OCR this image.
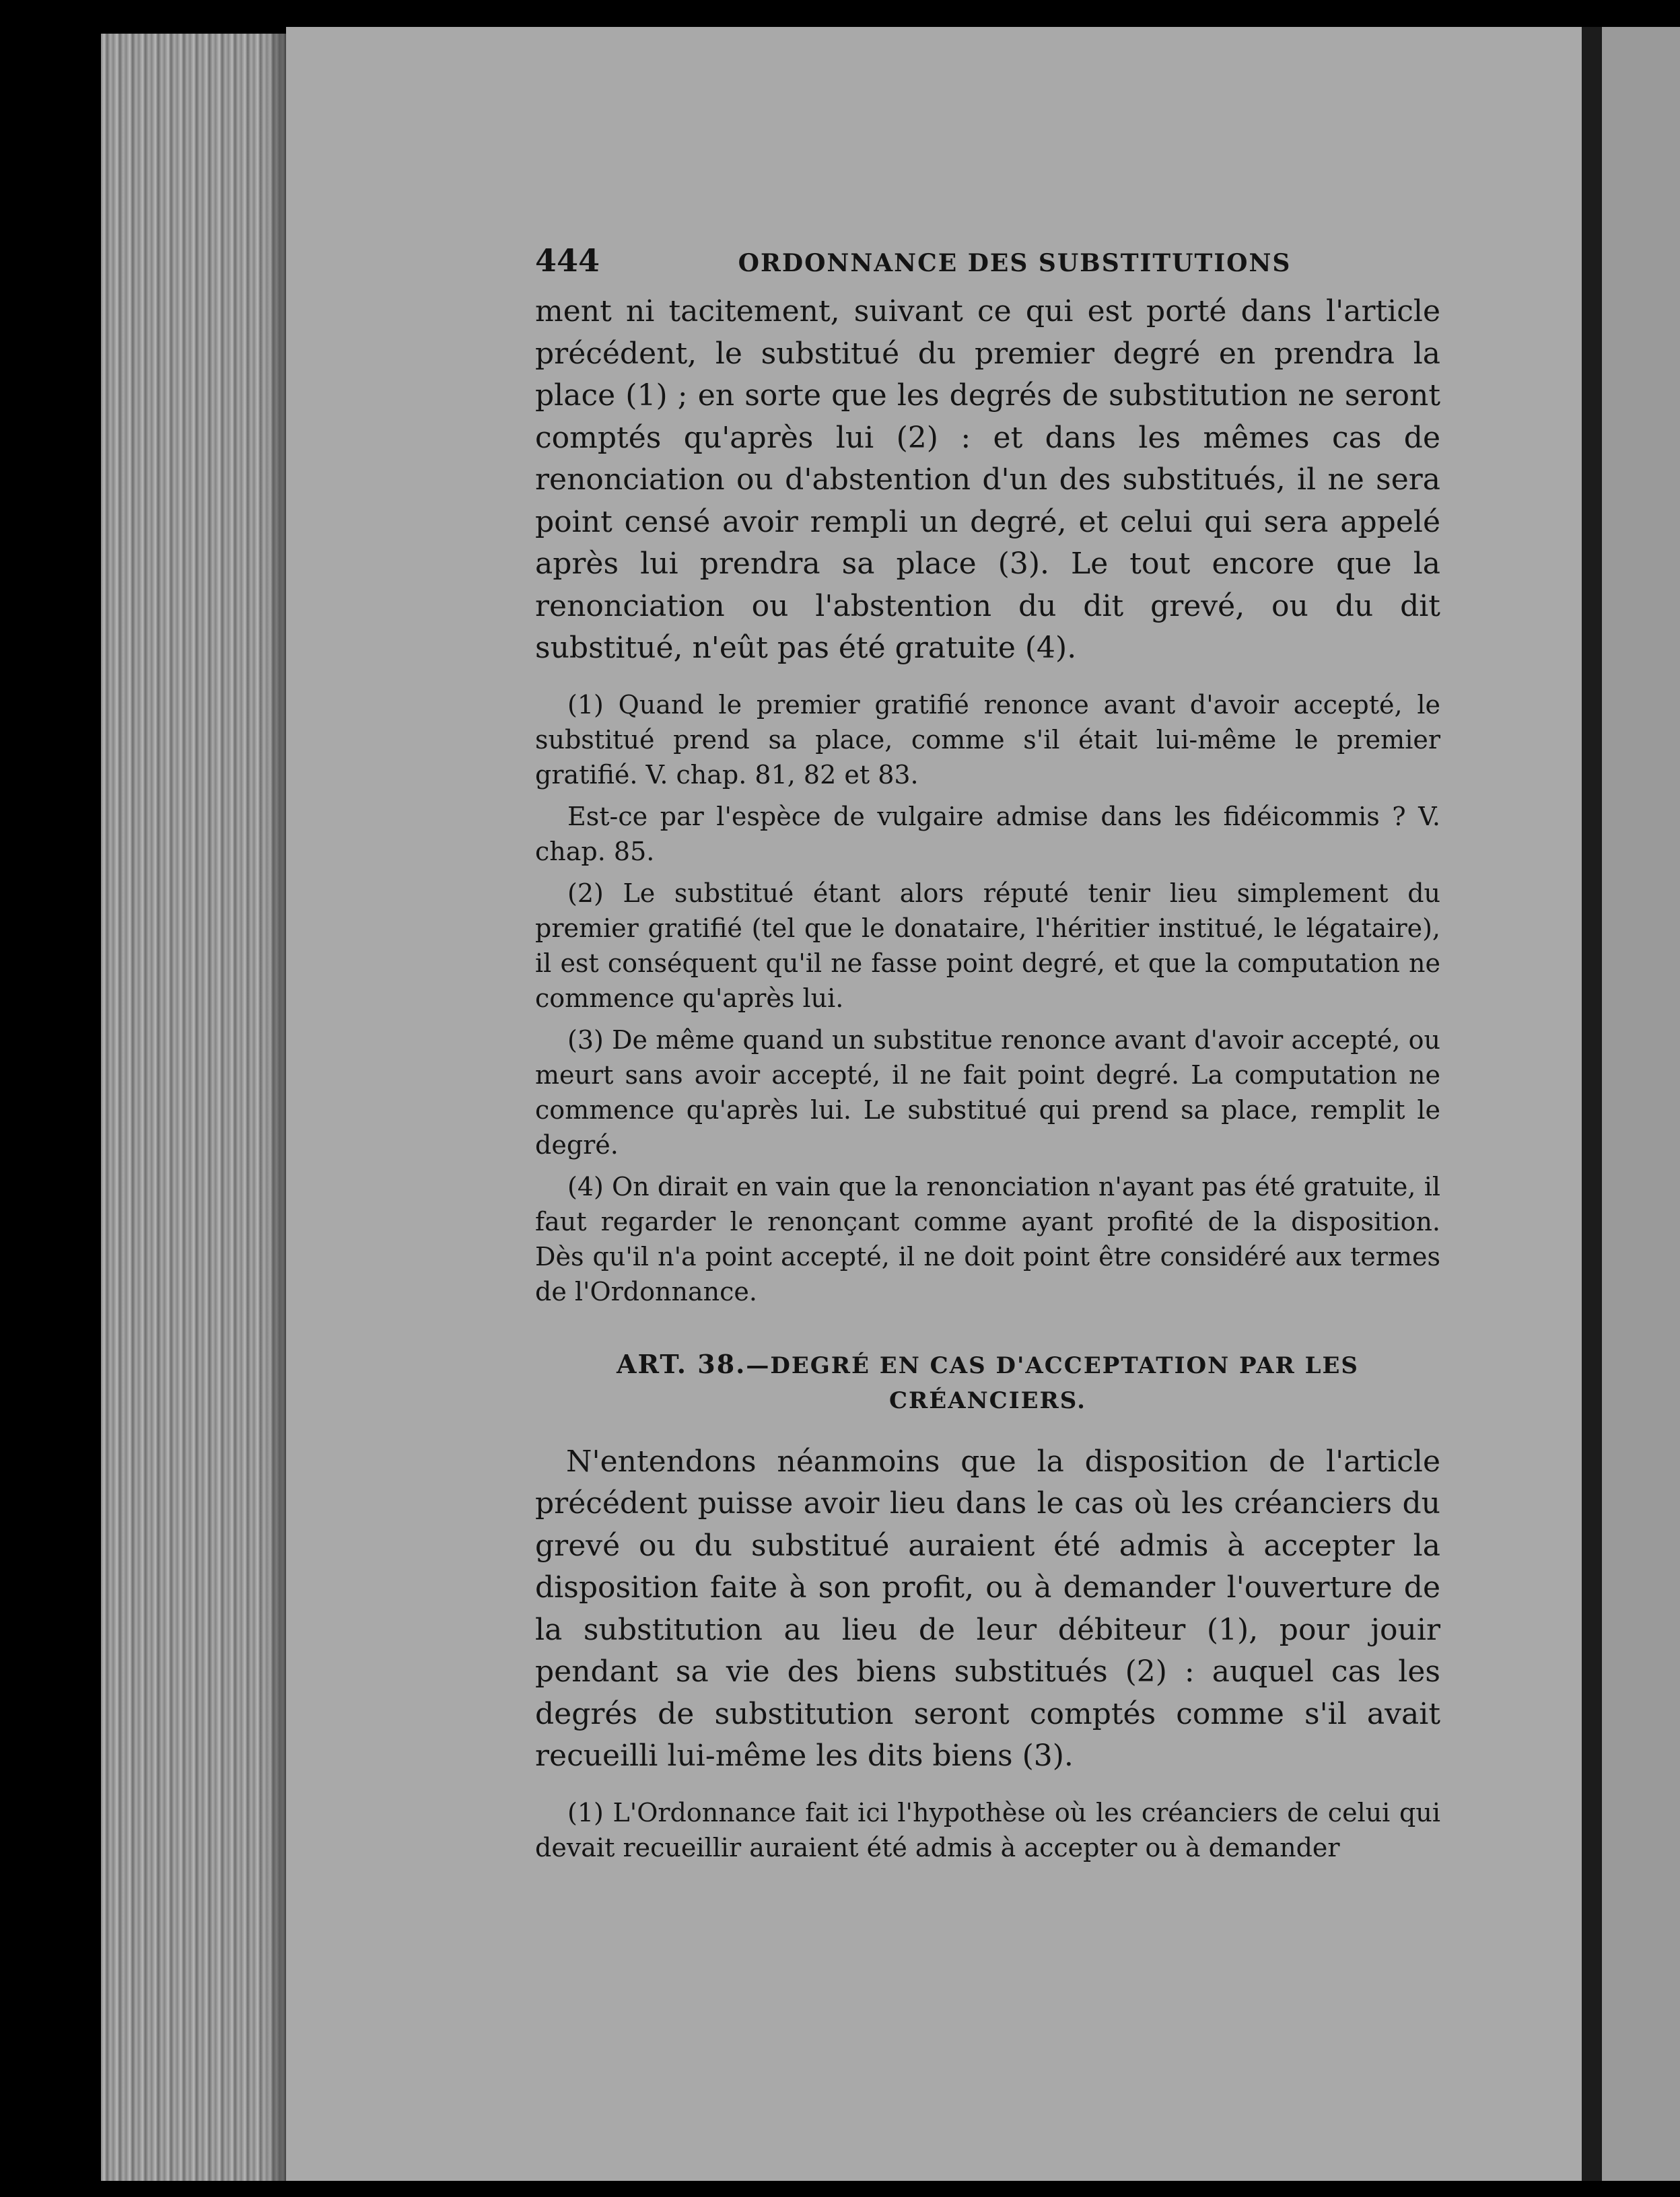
444	ORDONNANCE DES SUBSTITUTIONS

ment ni tacitement, suivant ce qui est porté dans l'article précédent, le substitué du premier degré en prendra la place (1) ; en sorte que les degrés de substitution ne seront comptés qu'après lui (2) : et dans les mêmes cas de renonciation ou d'abstention d'un des substitués, il ne sera point censé avoir rempli un degré, et celui qui sera appelé après lui prendra sa place (3). Le tout encore que la renonciation ou l'abstention du dit grevé, ou du dit substitué, n'eût pas été gratuite (4).

(1) Quand le premier gratifié renonce avant d'avoir accepté, le substitué prend sa place, comme s'il était lui-même le premier gratifié. V. chap. 81, 82 et 83.

Est-ce par l'espèce de vulgaire admise dans les fidéicommis ? V. chap. 85.

(2) Le substitué étant alors réputé tenir lieu simplement du premier gratifié (tel que le donataire, l'héritier institué, le légataire), il est conséquent qu'il ne fasse point degré, et que la computation ne commence qu'après lui.

(3) De même quand un substitue renonce avant d'avoir accepté, ou meurt sans avoir accepté, il ne fait point degré. La computation ne commence qu'après lui. Le substitué qui prend sa place, remplit le degré.

(4) On dirait en vain que la renonciation n'ayant pas été gratuite, il faut regarder le renonçant comme ayant profité de la disposition. Dès qu'il n'a point accepté, il ne doit point être considéré aux termes de l'Ordonnance.

ART. 38.—DEGRÉ EN CAS D'ACCEPTATION PAR LES
CRÉANCIERS.

N'entendons néanmoins que la disposition de l'article précédent puisse avoir lieu dans le cas où les créanciers du grevé ou du substitué auraient été admis à accepter la disposition faite à son profit, ou à demander l'ouverture de la substitution au lieu de leur débiteur (1), pour jouir pendant sa vie des biens substitués (2) : auquel cas les degrés de substitution seront comptés comme s'il avait recueilli lui-même les dits biens (3).

(1) L'Ordonnance fait ici l'hypothèse où les créanciers de celui qui devait recueillir auraient été admis à accepter ou à demander
